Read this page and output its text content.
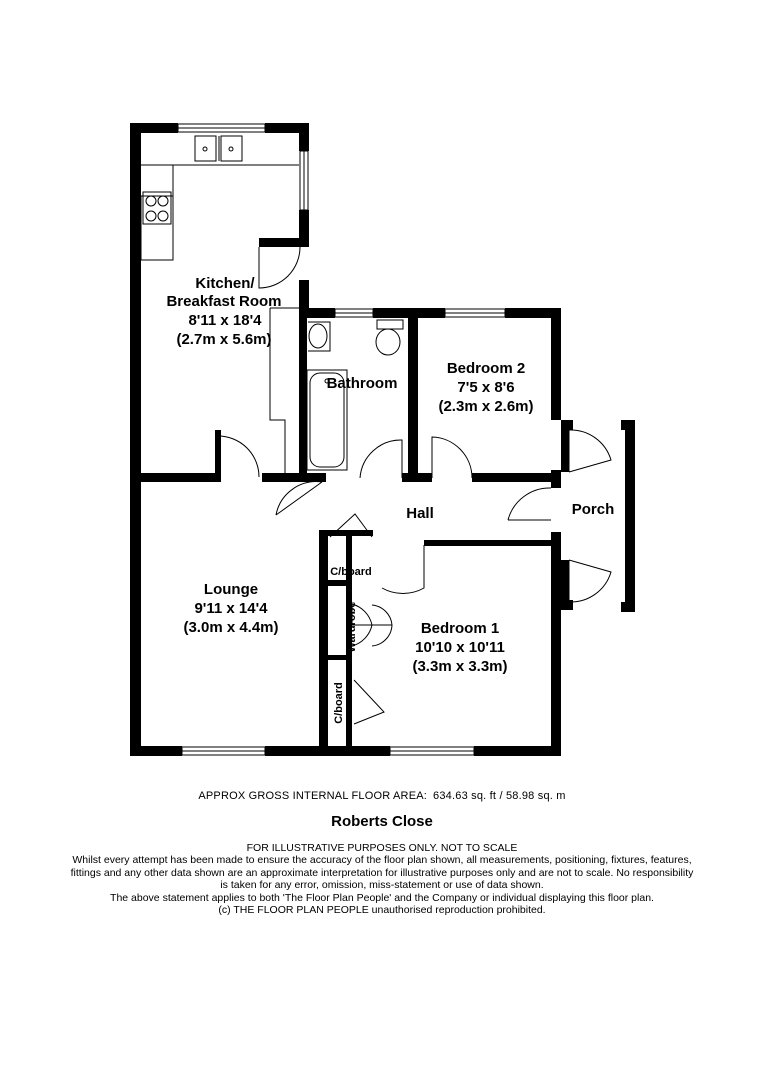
Kitchen/
Breakfast Room
8'11 x 18'4
(2.7m x 5.6m)
Bathroom
Bedroom 2
7'5 x 8'6
(2.3m x 2.6m)
Hall	Porch
Lounge
9'11 x 14'4
(3.0m x 4.4m)	Bedroom 1
10'10 x 10'11
(3.3m x 3.3m)
C/board
Wardrobe
C/board
APPROX GROSS INTERNAL FLOOR AREA: 634.63 sq. ft / 58.98 sq. m
Roberts Close
FOR ILLUSTRATIVE PURPOSES ONLY. NOT TO SCALE
Whilst every attempt has been made to ensure the accuracy of the floor plan shown, all measurements, positioning, fixtures, features,
fittings and any other data shown are an approximate interpretation for illustrative purposes only and are not to scale. No responsibility
is taken for any error, omission, miss-statement or use of data shown.
The above statement applies to both 'The Floor Plan People' and the Company or individual displaying this floor plan.
(c) THE FLOOR PLAN PEOPLE unauthorised reproduction prohibited.
